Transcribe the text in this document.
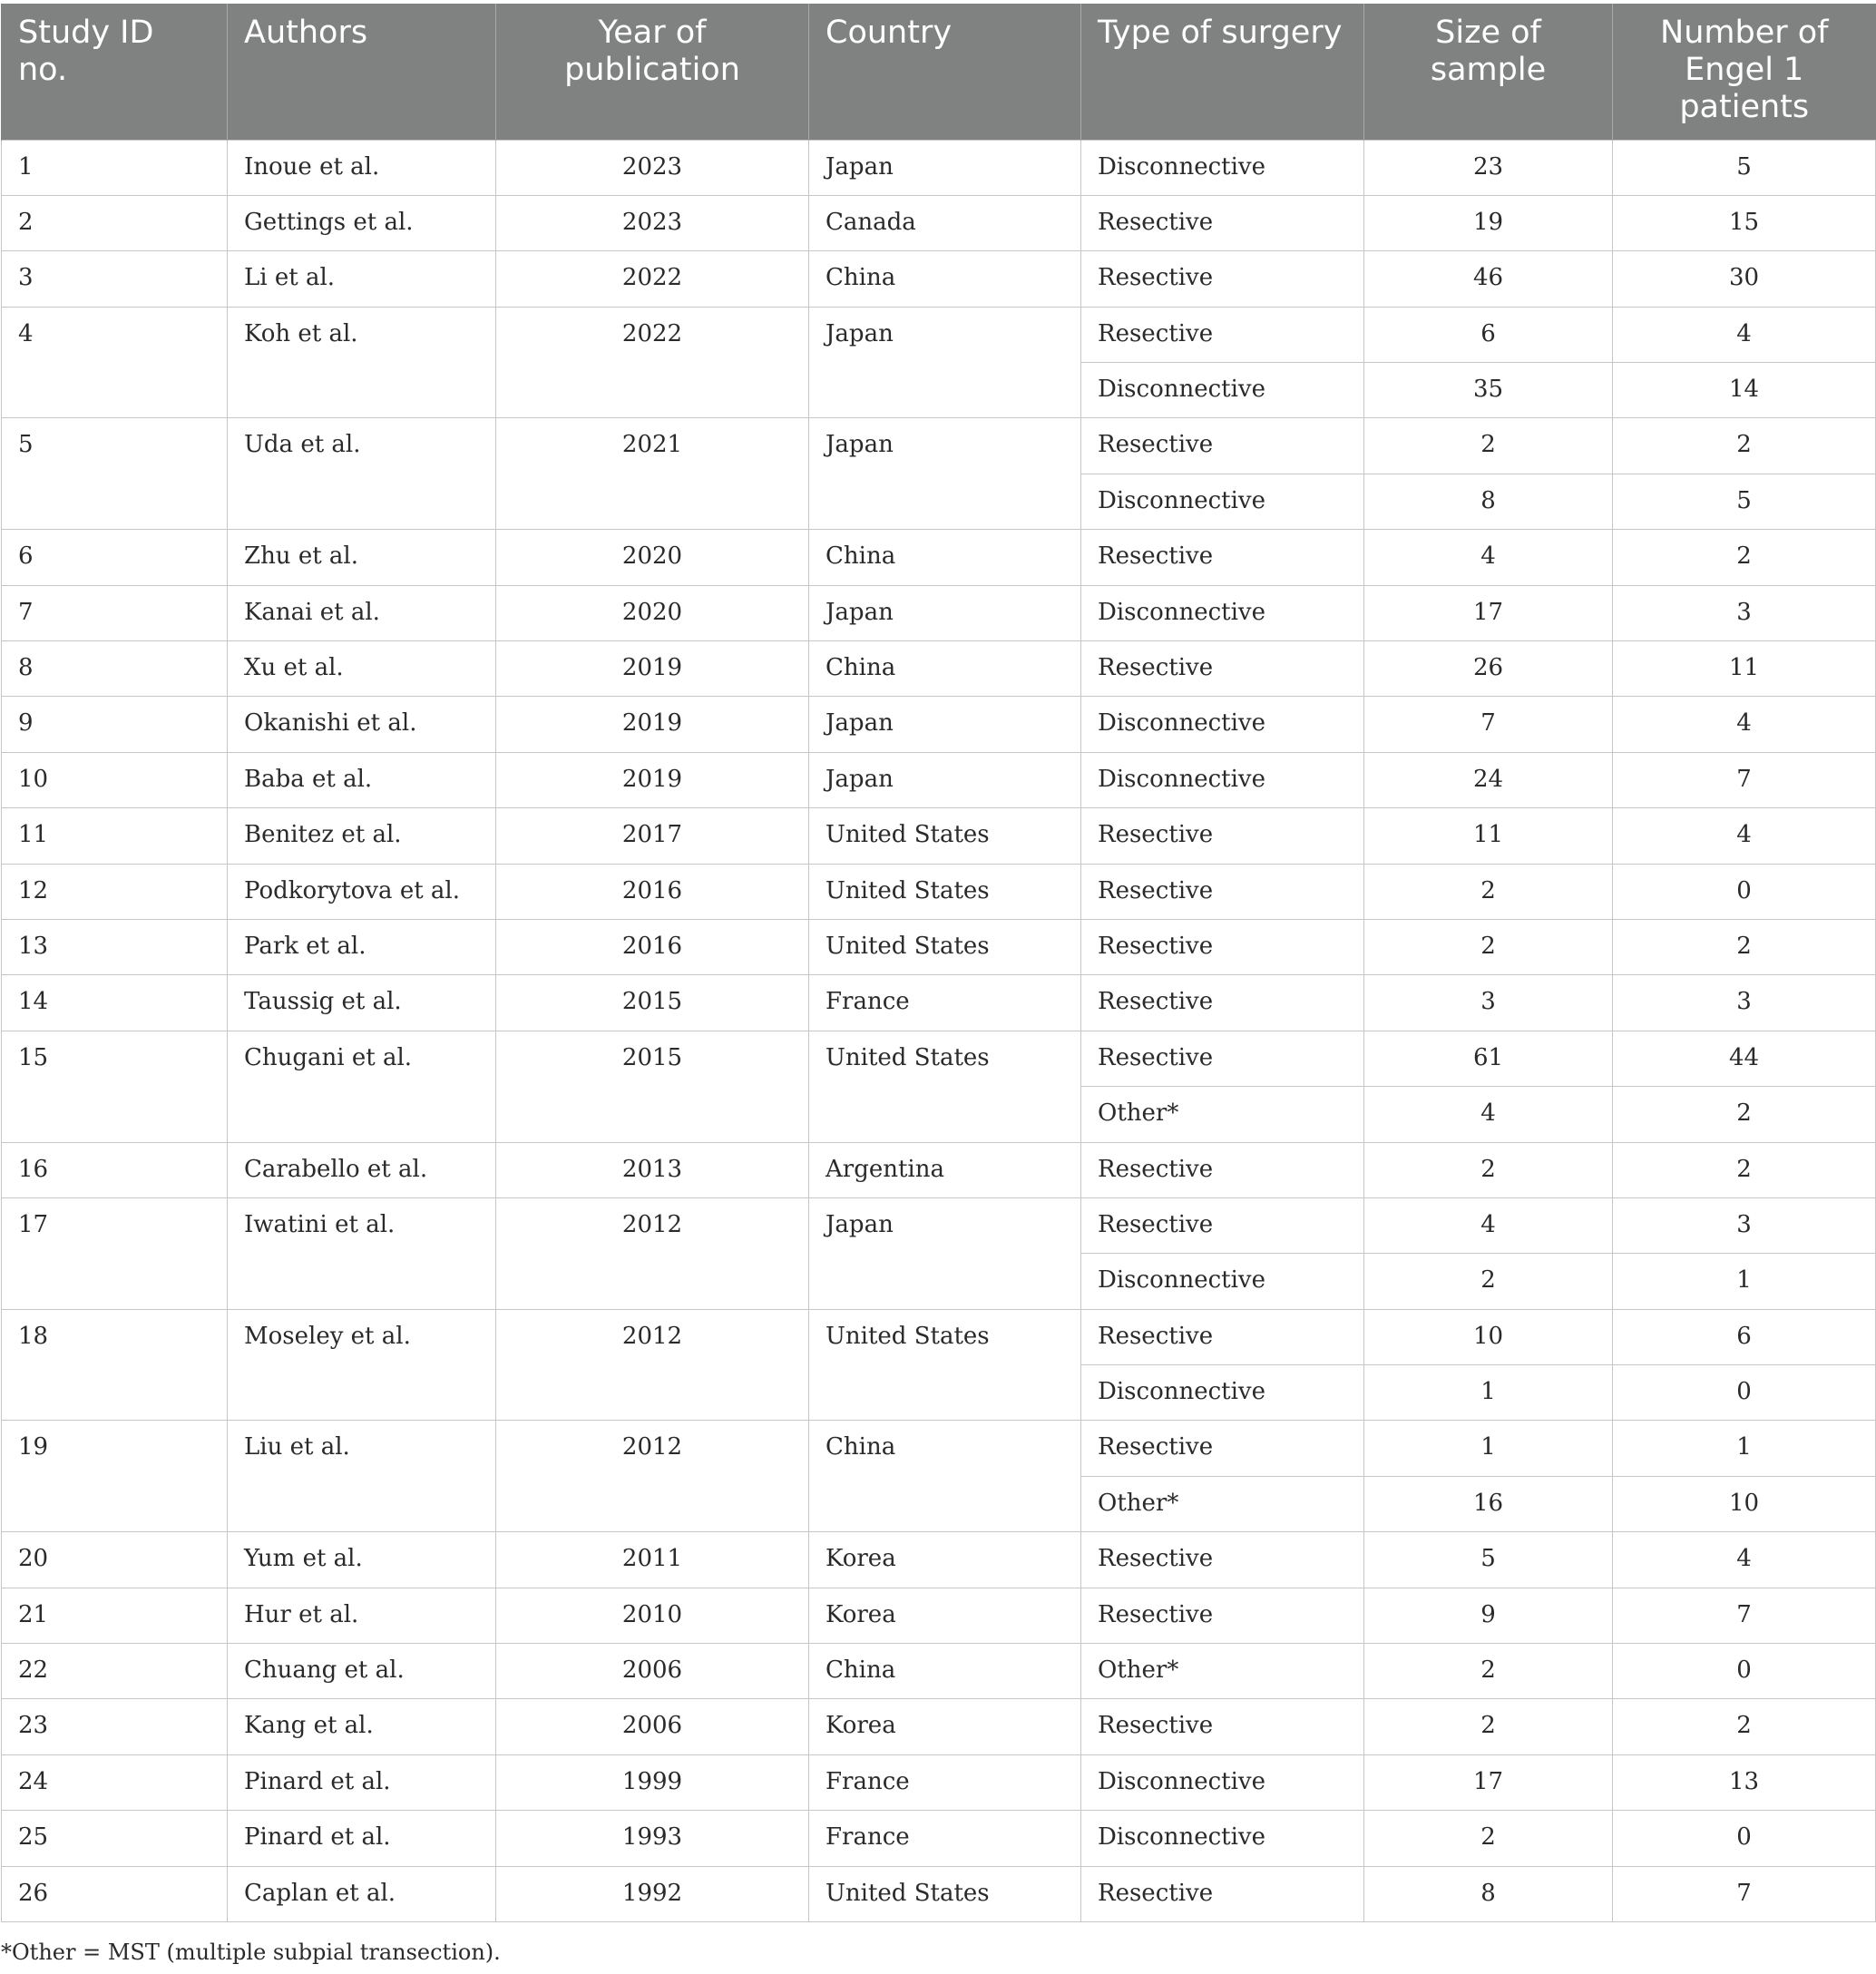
Study ID no.	Authors	Year of publication	Country	Type of surgery	Size of sample	Number of Engel 1 patients
1	Inoue et al.	2023	Japan	Disconnective	23	5
2	Gettings et al.	2023	Canada	Resective	19	15
3	Li et al.	2022	China	Resective	46	30
4	Koh et al.	2022	Japan	Resective	6	4
				Disconnective	35	14
5	Uda et al.	2021	Japan	Resective	2	2
				Disconnective	8	5
6	Zhu et al.	2020	China	Resective	4	2
7	Kanai et al.	2020	Japan	Disconnective	17	3
8	Xu et al.	2019	China	Resective	26	11
9	Okanishi et al.	2019	Japan	Disconnective	7	4
10	Baba et al.	2019	Japan	Disconnective	24	7
11	Benitez et al.	2017	United States	Resective	11	4
12	Podkorytova et al.	2016	United States	Resective	2	0
13	Park et al.	2016	United States	Resective	2	2
14	Taussig et al.	2015	France	Resective	3	3
15	Chugani et al.	2015	United States	Resective	61	44
				Other*	4	2
16	Carabello et al.	2013	Argentina	Resective	2	2
17	Iwatini et al.	2012	Japan	Resective	4	3
				Disconnective	2	1
18	Moseley et al.	2012	United States	Resective	10	6
				Disconnective	1	0
19	Liu et al.	2012	China	Resective	1	1
				Other*	16	10
20	Yum et al.	2011	Korea	Resective	5	4
21	Hur et al.	2010	Korea	Resective	9	7
22	Chuang et al.	2006	China	Other*	2	0
23	Kang et al.	2006	Korea	Resective	2	2
24	Pinard et al.	1999	France	Disconnective	17	13
25	Pinard et al.	1993	France	Disconnective	2	0
26	Caplan et al.	1992	United States	Resective	8	7
*Other = MST (multiple subpial transection).
